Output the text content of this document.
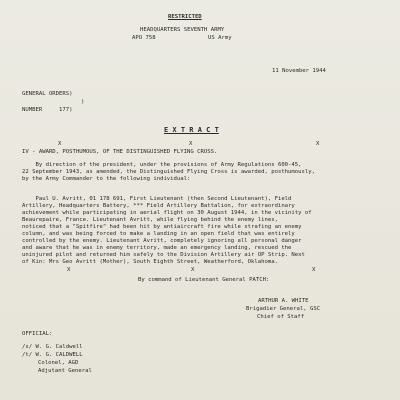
RESTRICTED
HEADQUARTERS SEVENTH ARMY
APO 758	US Army
11 November 1944
GENERAL ORDERS)
)
NUMBER     177)
E X T R A C T
X	X	X
IV - AWARD, POSTHUMOUS, OF THE DISTINGUISHED FLYING CROSS.
By direction of the president, under the provisions of Army Regulations 600-45,
22 September 1943, as amended, the Distinguished Flying Cross is awarded, posthumously,
by the Army Commander to the following individual:
Paul U. Avritt, 01 178 691, First Lieutenant (then Second Lieutenant), Field
Artillery, Headquarters Battery, *** Field Artillery Battalion, for extraordinary
achievement while participating in aerial flight on 30 August 1944, in the vicinity of
Beaurepaire, France. Lieutenant Avritt, while flying behind the enemy lines,
noticed that a "Spitfire" had been hit by antiaircraft fire while strafing an enemy
column, and was being forced to make a landing in an open field that was entirely
controlled by the enemy. Lieutenant Avritt, completely ignoring all personal danger
and aware that he was in enemy territory, made an emergency landing, rescued the
uninjured pilot and returned him safely to the Division Artillery air OP Strip. Next
of Kin: Mrs Geo Avritt (Mother), South Eighth Street, Weatherford, Oklahoma.
X	X	X
By command of Lieutenant General PATCH:
ARTHUR A. WHITE
Brigadier General, GSC
Chief of Staff
OFFICIAL:
/s/ W. G. Caldwell
/t/ W. G. CALDWELL
Colonel, AGD
Adjutant General
